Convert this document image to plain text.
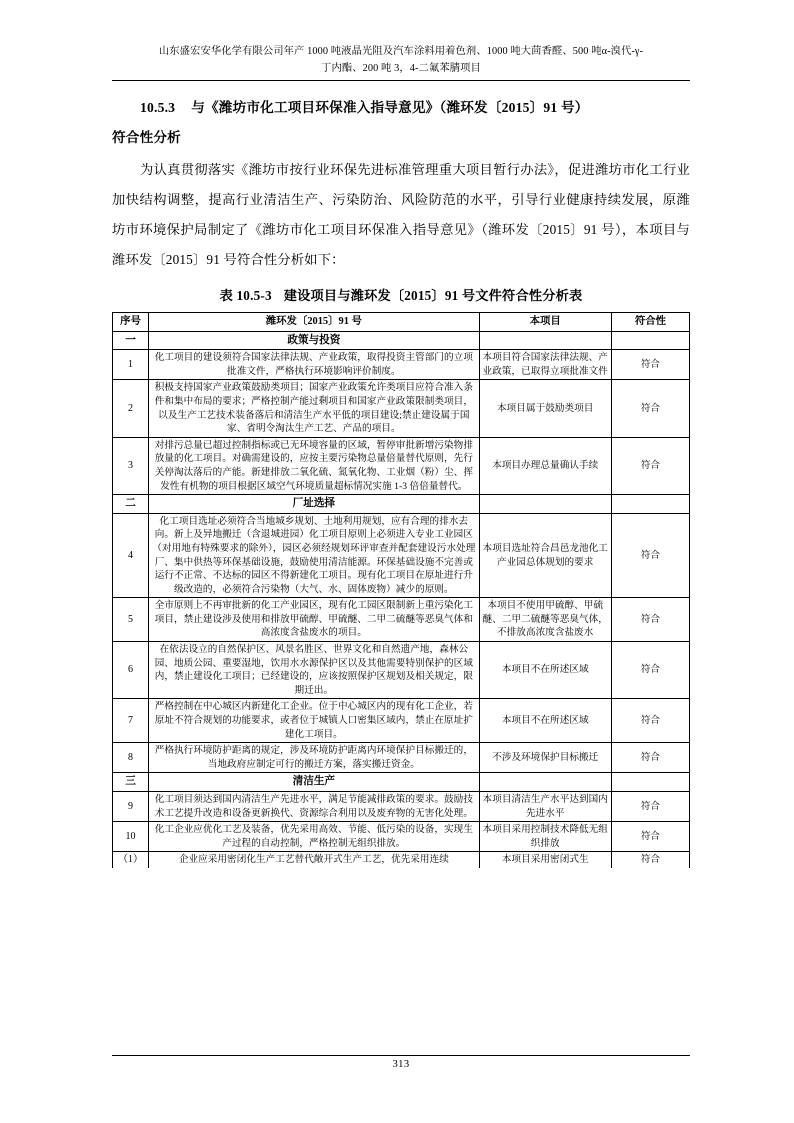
山东盛宏安华化学有限公司年产 1000 吨液晶光阻及汽车涂料用着色剂、1000 吨大茴香醛、500 吨α-溴代-γ-
丁内酯、200 吨 3，4-二氟苯腈项目
10.5.3 与《潍坊市化工项目环保准入指导意见》（潍环发〔2015〕91 号）
符合性分析

为认真贯彻落实《潍坊市按行业环保先进标准管理重大项目暂行办法》，促进潍坊市化工行业加快结构调整，提高行业清洁生产、污染防治、风险防范的水平，引导行业健康持续发展，原潍坊市环境保护局制定了《潍坊市化工项目环保准入指导意见》（潍环发〔2015〕91 号），本项目与潍环发〔2015〕91 号符合性分析如下：

表 10.5-3 建设项目与潍环发〔2015〕91 号文件符合性分析表
序号	潍环发〔2015〕91 号	本项目	符合性
一	政策与投资		
1	化工项目的建设须符合国家法律法规、产业政策，取得投资主管部门的立项批准文件，严格执行环境影响评价制度。	本项目符合国家法律法规、产业政策，已取得立项批准文件	符合
2	积极支持国家产业政策鼓励类项目；国家产业政策允许类项目应符合准入条件和集中布局的要求；严格控制产能过剩项目和国家产业政策限制类项目，以及生产工艺技术装备落后和清洁生产水平低的项目建设;禁止建设属于国家、省明令淘汰生产工艺、产品的项目。	本项目属于鼓励类项目	符合
3	对排污总量已超过控制指标或已无环境容量的区域，暂停审批新增污染物排放量的化工项目。对确需建设的，应按主要污染物总量倍量替代原则，先行关停淘汰落后的产能。新建排放二氧化硫、氮氧化物、工业烟（粉）尘、挥发性有机物的项目根据区域空气环境质量超标情况实施 1-3 倍倍量替代。	本项目办理总量确认手续	符合
二	厂址选择		
4	化工项目选址必须符合当地城乡规划、土地利用规划，应有合理的排水去向。新上及异地搬迁（含退城进园）化工项目原则上必须进入专业工业园区（对用地有特殊要求的除外），园区必须经规划环评审查并配套建设污水处理厂、集中供热等环保基础设施，鼓励使用清洁能源。环保基础设施不完善或运行不正常、不达标的园区不得新建化工项目。现有化工项目在原址进行升级改造的，必须符合污染物（大气、水、固体废物）减少的原则。	本项目选址符合昌邑龙池化工产业园总体规划的要求	符合
5	全市原则上不再审批新的化工产业园区，现有化工园区限制新上重污染化工项目，禁止建设涉及使用和排放甲硫醇、甲硫醚、二甲二硫醚等恶臭气体和高浓度含盐废水的项目。	本项目不使用甲硫醇、甲硫醚、二甲二硫醚等恶臭气体，不排放高浓度含盐废水	符合
6	在依法设立的自然保护区、风景名胜区、世界文化和自然遗产地，森林公园、地质公园、重要湿地，饮用水水源保护区以及其他需要特别保护的区域内，禁止建设化工项目；已经建设的，应该按照保护区规划及相关规定，限期迁出。	本项目不在所述区域	符合
7	严格控制在中心城区内新建化工企业。位于中心城区内的现有化工企业，若原址不符合规划的功能要求，或者位于城镇人口密集区域内，禁止在原址扩建化工项目。	本项目不在所述区域	符合
8	严格执行环境防护距离的规定，涉及环境防护距离内环境保护目标搬迁的，当地政府应制定可行的搬迁方案，落实搬迁资金。	不涉及环境保护目标搬迁	符合
三	清洁生产		
9	化工项目须达到国内清洁生产先进水平，满足节能减排政策的要求。鼓励技术工艺提升改造和设备更新换代、资源综合利用以及废弃物的无害化处理。	本项目清洁生产水平达到国内先进水平	符合
10	化工企业应优化工艺及装备，优先采用高效、节能、低污染的设备，实现生产过程的自动控制，严格控制无组织排放。	本项目采用控制技术降低无组织排放	符合
（1）	企业应采用密闭化生产工艺替代敞开式生产工艺，优先采用连续	本项目采用密闭式生	符合
313
